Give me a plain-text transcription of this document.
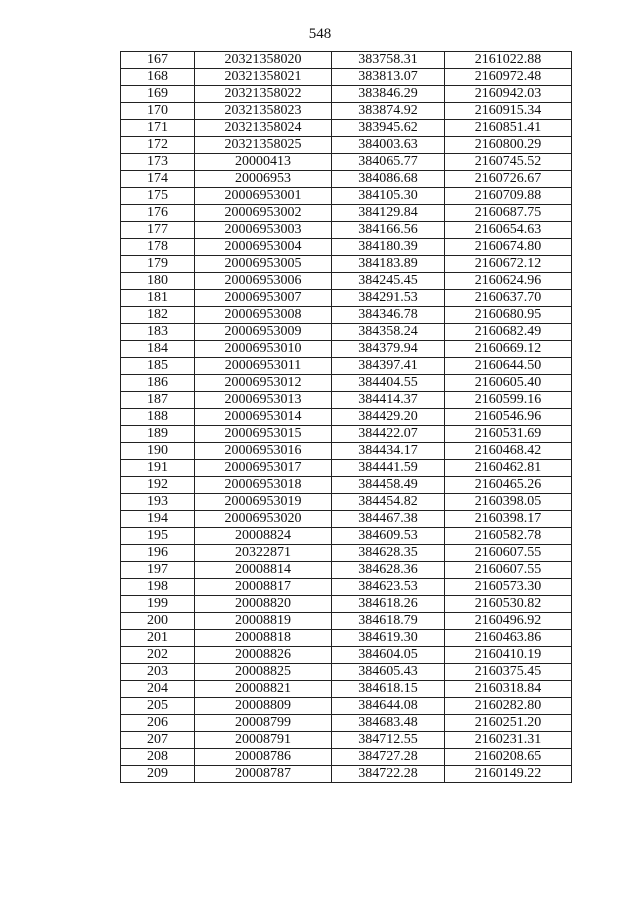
548
167	20321358020	383758.31	2161022.88
168	20321358021	383813.07	2160972.48
169	20321358022	383846.29	2160942.03
170	20321358023	383874.92	2160915.34
171	20321358024	383945.62	2160851.41
172	20321358025	384003.63	2160800.29
173	20000413	384065.77	2160745.52
174	20006953	384086.68	2160726.67
175	20006953001	384105.30	2160709.88
176	20006953002	384129.84	2160687.75
177	20006953003	384166.56	2160654.63
178	20006953004	384180.39	2160674.80
179	20006953005	384183.89	2160672.12
180	20006953006	384245.45	2160624.96
181	20006953007	384291.53	2160637.70
182	20006953008	384346.78	2160680.95
183	20006953009	384358.24	2160682.49
184	20006953010	384379.94	2160669.12
185	20006953011	384397.41	2160644.50
186	20006953012	384404.55	2160605.40
187	20006953013	384414.37	2160599.16
188	20006953014	384429.20	2160546.96
189	20006953015	384422.07	2160531.69
190	20006953016	384434.17	2160468.42
191	20006953017	384441.59	2160462.81
192	20006953018	384458.49	2160465.26
193	20006953019	384454.82	2160398.05
194	20006953020	384467.38	2160398.17
195	20008824	384609.53	2160582.78
196	20322871	384628.35	2160607.55
197	20008814	384628.36	2160607.55
198	20008817	384623.53	2160573.30
199	20008820	384618.26	2160530.82
200	20008819	384618.79	2160496.92
201	20008818	384619.30	2160463.86
202	20008826	384604.05	2160410.19
203	20008825	384605.43	2160375.45
204	20008821	384618.15	2160318.84
205	20008809	384644.08	2160282.80
206	20008799	384683.48	2160251.20
207	20008791	384712.55	2160231.31
208	20008786	384727.28	2160208.65
209	20008787	384722.28	2160149.22
